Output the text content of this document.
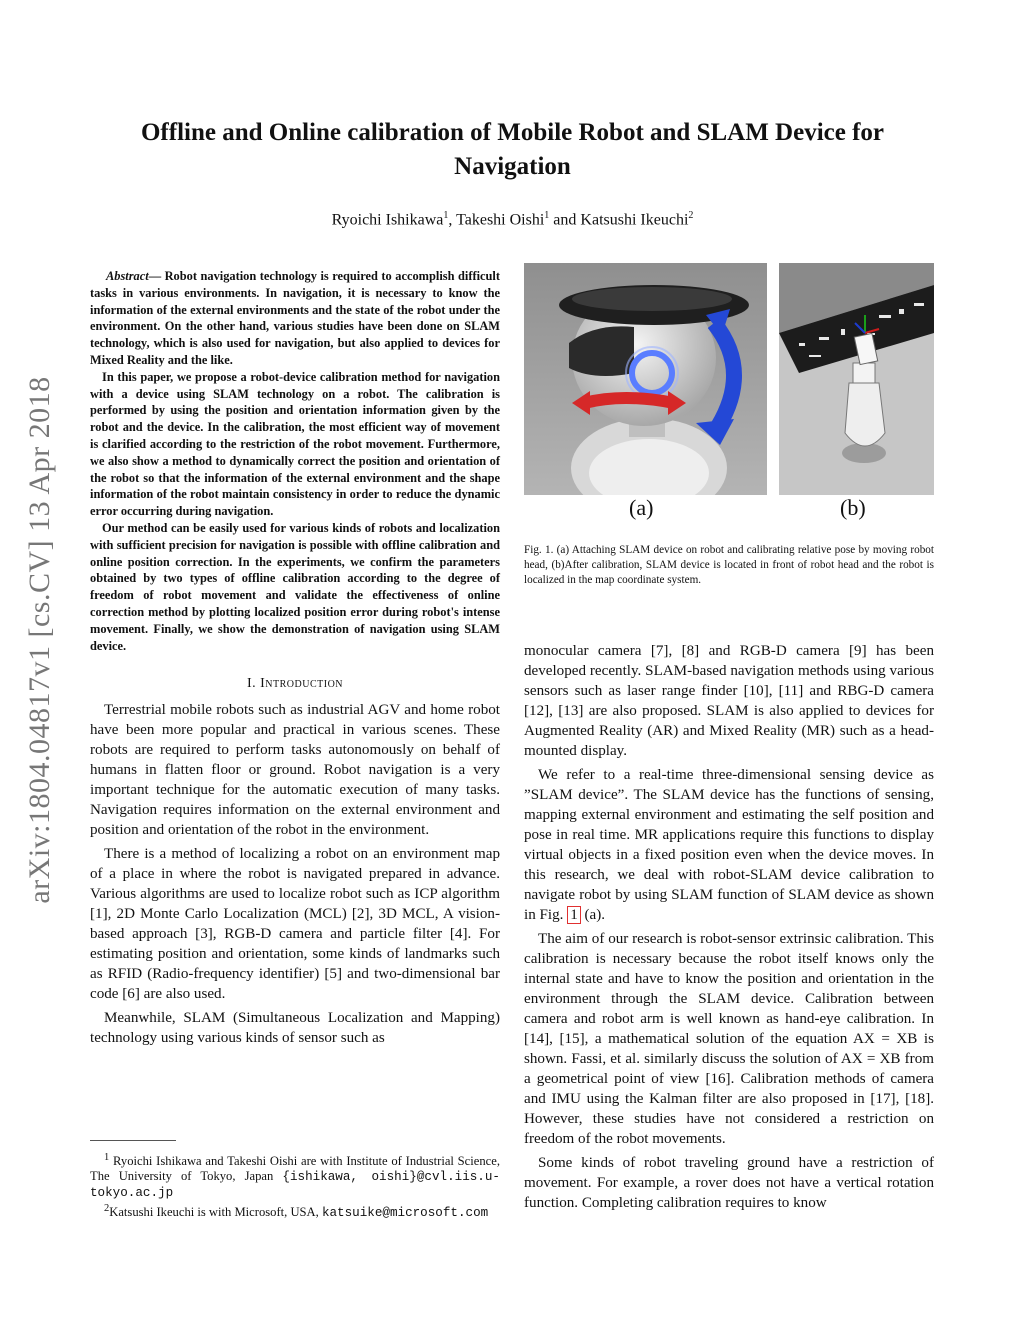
arXiv:1804.04817v1 [cs.CV] 13 Apr 2018
Offline and Online calibration of Mobile Robot and SLAM Device for Navigation

Ryoichi Ishikawa$^1$, Takeshi Oishi$^1$ and Katsushi Ikeuchi$^2$

Abstract— Robot navigation technology is required to accomplish difficult tasks in various environments. In navigation, it is necessary to know the information of the external environments and the state of the robot under the environment. On the other hand, various studies have been done on SLAM technology, which is also used for navigation, but also applied to devices for Mixed Reality and the like.

In this paper, we propose a robot-device calibration method for navigation with a device using SLAM technology on a robot. The calibration is performed by using the position and orientation information given by the robot and the device. In the calibration, the most efficient way of movement is clarified according to the restriction of the robot movement. Furthermore, we also show a method to dynamically correct the position and orientation of the robot so that the information of the external environment and the shape information of the robot maintain consistency in order to reduce the dynamic error occurring during navigation.

Our method can be easily used for various kinds of robots and localization with sufficient precision for navigation is possible with offline calibration and online position correction. In the experiments, we confirm the parameters obtained by two types of offline calibration according to the degree of freedom of robot movement and validate the effectiveness of online correction method by plotting localized position error during robot's intense movement. Finally, we show the demonstration of navigation using SLAM device.

I. Introduction

Terrestrial mobile robots such as industrial AGV and home robot have been more popular and practical in various scenes. These robots are required to perform tasks autonomously on behalf of humans in flatten floor or ground. Robot navigation is a very important technique for the automatic execution of many tasks. Navigation requires information on the external environment and position and orientation of the robot in the environment.

There is a method of localizing a robot on an environment map of a place in where the robot is navigated prepared in advance. Various algorithms are used to localize robot such as ICP algorithm [1], 2D Monte Carlo Localization (MCL) [2], 3D MCL, A vision-based approach [3], RGB-D camera and particle filter [4]. For estimating position and orientation, some kinds of landmarks such as RFID (Radio-frequency identifier) [5] and two-dimensional bar code [6] are also used.

Meanwhile, SLAM (Simultaneous Localization and Mapping) technology using various kinds of sensor such as

$^1$ Ryoichi Ishikawa and Takeshi Oishi are with Institute of Industrial Science, The University of Tokyo, Japan {ishikawa, oishi}@cvl.iis.u-tokyo.ac.jp

$^2$Katsushi Ikeuchi is with Microsoft, USA, katsuike@microsoft.com

(a)	(b)
Fig. 1. (a) Attaching SLAM device on robot and calibrating relative pose by moving robot head, (b)After calibration, SLAM device is located in front of robot head and the robot is localized in the map coordinate system.

monocular camera [7], [8] and RGB-D camera [9] has been developed recently. SLAM-based navigation methods using various sensors such as laser range finder [10], [11] and RBG-D camera [12], [13] are also proposed. SLAM is also applied to devices for Augmented Reality (AR) and Mixed Reality (MR) such as a head-mounted display.

We refer to a real-time three-dimensional sensing device as ”SLAM device”. The SLAM device has the functions of sensing, mapping external environment and estimating the self position and pose in real time. MR applications require this functions to display virtual objects in a fixed position even when the device moves. In this research, we deal with robot-SLAM device calibration to navigate robot by using SLAM function of SLAM device as shown in Fig. 1 (a).

The aim of our research is robot-sensor extrinsic calibration. This calibration is necessary because the robot itself knows only the internal state and have to know the position and orientation in the environment through the SLAM device. Calibration between camera and robot arm is well known as hand-eye calibration. In [14], [15], a mathematical solution of the equation AX = XB is shown. Fassi, et al. similarly discuss the solution of AX = XB from a geometrical point of view [16]. Calibration methods of camera and IMU using the Kalman filter are also proposed in [17], [18]. However, these studies have not considered a restriction on freedom of the robot movements.

Some kinds of robot traveling ground have a restriction of movement. For example, a rover does not have a vertical rotation function. Completing calibration requires to know
